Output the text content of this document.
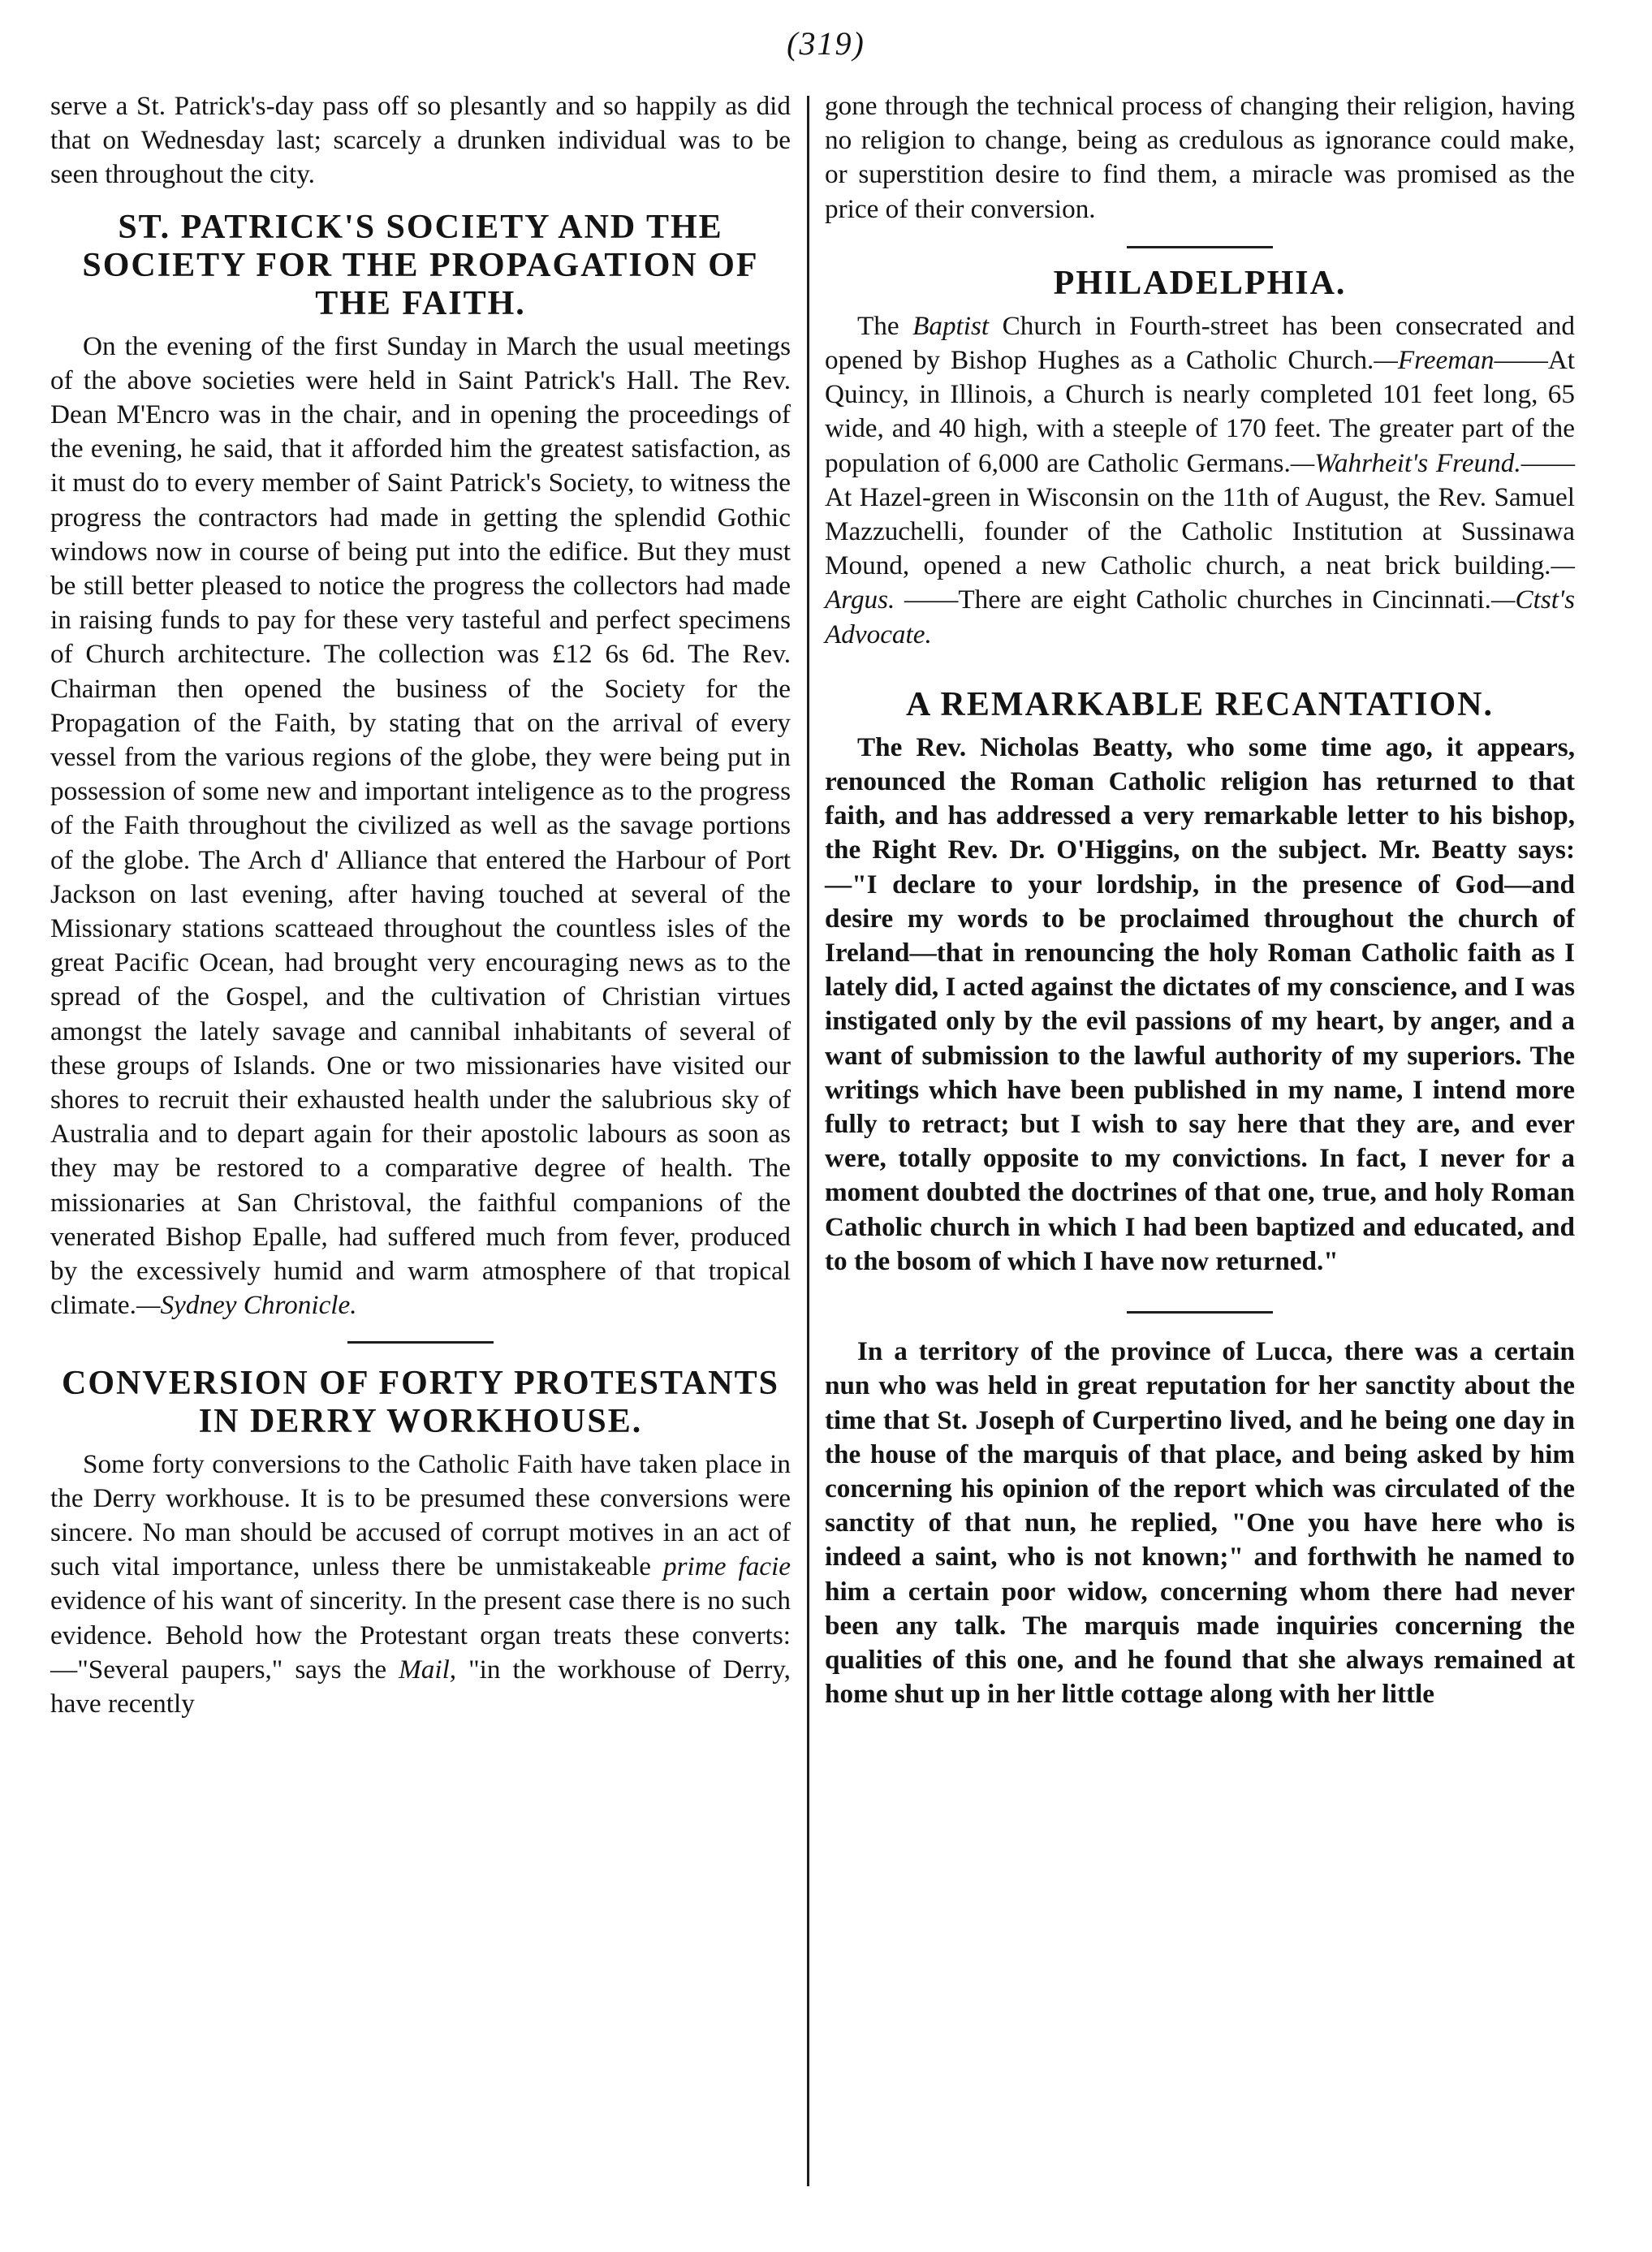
(319)

serve a St. Patrick's-day pass off so plesantly and so happily as did that on Wednesday last; scarcely a drunken individual was to be seen throughout the city.

ST. PATRICK'S SOCIETY AND THE SOCIETY FOR THE PROPAGATION OF THE FAITH.

On the evening of the first Sunday in March the usual meetings of the above societies were held in Saint Patrick's Hall. The Rev. Dean M'Encro was in the chair, and in opening the proceedings of the evening, he said, that it afforded him the greatest satisfaction, as it must do to every member of Saint Patrick's Society, to witness the progress the contractors had made in getting the splendid Gothic windows now in course of being put into the edifice. But they must be still better pleased to notice the progress the collectors had made in raising funds to pay for these very tasteful and perfect specimens of Church architecture. The collection was £12 6s 6d. The Rev. Chairman then opened the business of the Society for the Propagation of the Faith, by stating that on the arrival of every vessel from the various regions of the globe, they were being put in possession of some new and important inteligence as to the progress of the Faith throughout the civilized as well as the savage portions of the globe. The Arch d' Alliance that entered the Harbour of Port Jackson on last evening, after having touched at several of the Missionary stations scatteaed throughout the countless isles of the great Pacific Ocean, had brought very encouraging news as to the spread of the Gospel, and the cultivation of Christian virtues amongst the lately savage and cannibal inhabitants of several of these groups of Islands. One or two missionaries have visited our shores to recruit their exhausted health under the salubrious sky of Australia and to depart again for their apostolic labours as soon as they may be restored to a comparative degree of health. The missionaries at San Christoval, the faithful companions of the venerated Bishop Epalle, had suffered much from fever, produced by the excessively humid and warm atmosphere of that tropical climate.—Sydney Chronicle.

CONVERSION OF FORTY PROTESTANTS IN DERRY WORKHOUSE.

Some forty conversions to the Catholic Faith have taken place in the Derry workhouse. It is to be presumed these conversions were sincere. No man should be accused of corrupt motives in an act of such vital importance, unless there be unmistakeable prime facie evidence of his want of sincerity. In the present case there is no such evidence. Behold how the Protestant organ treats these converts:—"Several paupers," says the Mail, "in the workhouse of Derry, have recently

gone through the technical process of changing their religion, having no religion to change, being as credulous as ignorance could make, or superstition desire to find them, a miracle was promised as the price of their conversion.

PHILADELPHIA.

The Baptist Church in Fourth-street has been consecrated and opened by Bishop Hughes as a Catholic Church.—Freeman——At Quincy, in Illinois, a Church is nearly completed 101 feet long, 65 wide, and 40 high, with a steeple of 170 feet. The greater part of the population of 6,000 are Catholic Germans.—Wahrheit's Freund.——At Hazel-green in Wisconsin on the 11th of August, the Rev. Samuel Mazzuchelli, founder of the Catholic Institution at Sussinawa Mound, opened a new Catholic church, a neat brick building.—Argus. ——There are eight Catholic churches in Cincinnati.—Ctst's Advocate.

A REMARKABLE RECANTATION.

The Rev. Nicholas Beatty, who some time ago, it appears, renounced the Roman Catholic religion has returned to that faith, and has addressed a very remarkable letter to his bishop, the Right Rev. Dr. O'Higgins, on the subject. Mr. Beatty says:—"I declare to your lordship, in the presence of God—and desire my words to be proclaimed throughout the church of Ireland—that in renouncing the holy Roman Catholic faith as I lately did, I acted against the dictates of my conscience, and I was instigated only by the evil passions of my heart, by anger, and a want of submission to the lawful authority of my superiors. The writings which have been published in my name, I intend more fully to retract; but I wish to say here that they are, and ever were, totally opposite to my convictions. In fact, I never for a moment doubted the doctrines of that one, true, and holy Roman Catholic church in which I had been baptized and educated, and to the bosom of which I have now returned."

In a territory of the province of Lucca, there was a certain nun who was held in great reputation for her sanctity about the time that St. Joseph of Curpertino lived, and he being one day in the house of the marquis of that place, and being asked by him concerning his opinion of the report which was circulated of the sanctity of that nun, he replied, "One you have here who is indeed a saint, who is not known;" and forthwith he named to him a certain poor widow, concerning whom there had never been any talk. The marquis made inquiries concerning the qualities of this one, and he found that she always remained at home shut up in her little cottage along with her little
